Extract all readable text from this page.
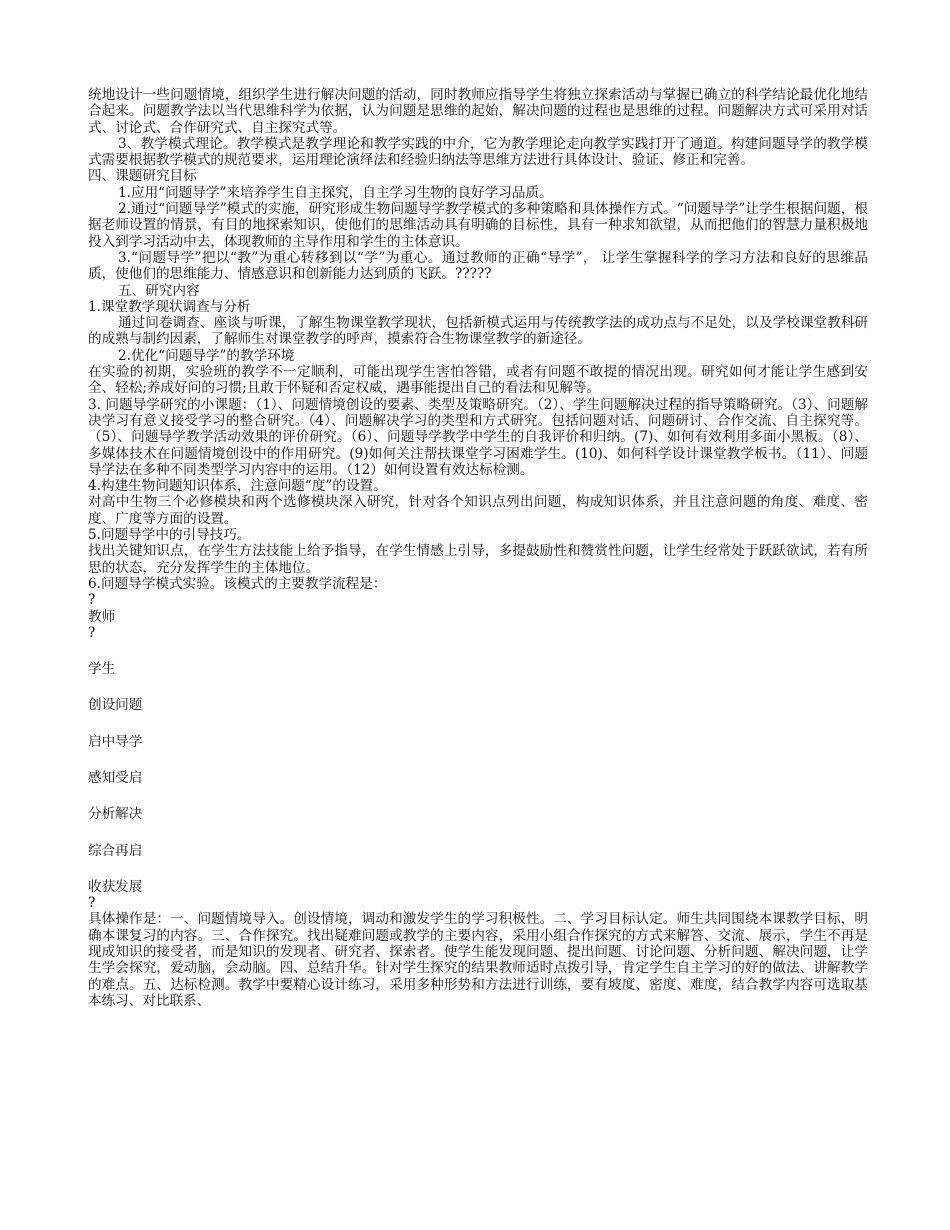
统地设计一些问题情境，组织学生进行解决问题的活动，同时教师应指导学生将独立探索活动与掌握已确立的科学结论最优化地结合起来。问题教学法以当代思维科学为依据，认为问题是思维的起始，解决问题的过程也是思维的过程。问题解决方式可采用对话式、讨论式、合作研究式、自主探究式等。

3、教学模式理论。教学模式是教学理论和教学实践的中介，它为教学理论走向教学实践打开了通道。构建问题导学的教学模式需要根据教学模式的规范要求，运用理论演绎法和经验归纳法等思维方法进行具体设计、验证、修正和完善。

四、课题研究目标

1.应用“问题导学”来培养学生自主探究，自主学习生物的良好学习品质。

2.通过“问题导学”模式的实施，研究形成生物问题导学教学模式的多种策略和具体操作方式。“问题导学”让学生根据问题，根据老师设置的情景，有目的地探索知识，使他们的思维活动具有明确的目标性，具有一种求知欲望，从而把他们的智慧力量积极地投入到学习活动中去，体现教师的主导作用和学生的主体意识。

3.“问题导学”把以“教”为重心转移到以“学”为重心。通过教师的正确“导学”， 让学生掌握科学的学习方法和良好的思维品质，使他们的思维能力、情感意识和创新能力达到质的飞跃。?????

五、研究内容

1.课堂教学现状调查与分析

通过问卷调查、座谈与听课，了解生物课堂教学现状，包括新模式运用与传统教学法的成功点与不足处，以及学校课堂教科研的成熟与制约因素，了解师生对课堂教学的呼声，摸索符合生物课堂教学的新途径。

2.优化“问题导学”的教学环境

在实验的初期，实验班的教学不一定顺利，可能出现学生害怕答错，或者有问题不敢提的情况出现。研究如何才能让学生感到安全、轻松;养成好问的习惯;且敢于怀疑和否定权威，遇事能提出自己的看法和见解等。

3. 问题导学研究的小课题：（1）、问题情境创设的要素、类型及策略研究。（2）、学生问题解决过程的指导策略研究。（3）、问题解决学习有意义接受学习的整合研究。（4）、问题解决学习的类型和方式研究。包括问题对话、问题研讨、合作交流、自主探究等。（5）、问题导学教学活动效果的评价研究。（6）、问题导学教学中学生的自我评价和归纳。(7)、如何有效利用多面小黑板。（8）、多媒体技术在问题情境创设中的作用研究。(9)如何关注帮扶课堂学习困难学生。(10)、如何科学设计课堂教学板书。（11）、问题导学法在多种不同类型学习内容中的运用。（12）如何设置有效达标检测。

4.构建生物问题知识体系，注意问题“度”的设置。

对高中生物三个必修模块和两个选修模块深入研究，针对各个知识点列出问题，构成知识体系，并且注意问题的角度、难度、密度、广度等方面的设置。

5.问题导学中的引导技巧。

找出关键知识点，在学生方法技能上给予指导，在学生情感上引导，多提鼓励性和赞赏性问题，让学生经常处于跃跃欲试，若有所思的状态，充分发挥学生的主体地位。

6.问题导学模式实验。该模式的主要教学流程是：

?

教师

?

学生

创设问题

启中导学

感知受启

分析解决

综合再启

收获发展

?

具体操作是：一、问题情境导入。创设情境，调动和激发学生的学习积极性。二、学习目标认定。师生共同围绕本课教学目标，明确本课复习的内容。三、合作探究。找出疑难问题或教学的主要内容，采用小组合作探究的方式来解答、交流、展示，学生不再是现成知识的接受者，而是知识的发现者、研究者、探索者。使学生能发现问题、提出问题、讨论问题、分析问题、解决问题，让学生学会探究，爱动脑，会动脑。四、总结升华。针对学生探究的结果教师适时点拨引导，肯定学生自主学习的好的做法、讲解教学的难点。五、达标检测。教学中要精心设计练习，采用多种形势和方法进行训练，要有坡度、密度、难度，结合教学内容可选取基本练习、对比联系、
